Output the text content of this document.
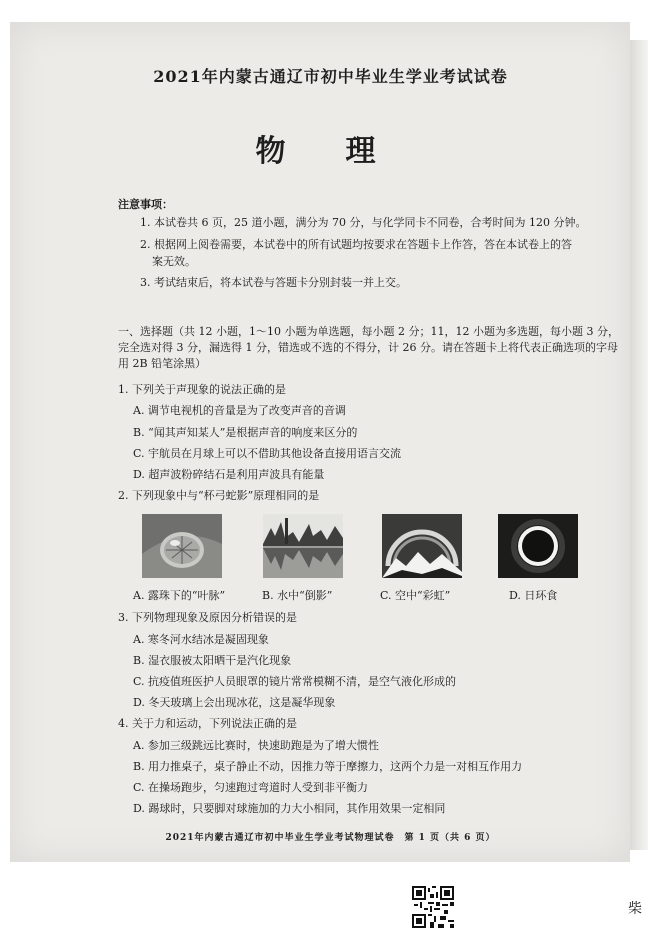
2021年内蒙古通辽市初中毕业生学业考试试卷
物理
注意事项：
1. 本试卷共 6 页，25 道小题，满分为 70 分，与化学同卡不同卷，合考时间为 120 分钟。
2. 根据网上阅卷需要，本试卷中的所有试题均按要求在答题卡上作答，答在本试卷上的答
案无效。
3. 考试结束后，将本试卷与答题卡分别封装一并上交。
一、选择题（共 12 小题，1～10 小题为单选题，每小题 2 分；11，12 小题为多选题，每小题 3 分，完全选对得 3 分，漏选得 1 分，错选或不选的不得分，计 26 分。请在答题卡上将代表正确选项的字母用 2B 铅笔涂黑）
1. 下列关于声现象的说法正确的是
A. 调节电视机的音量是为了改变声音的音调
B. “闻其声知某人”是根据声音的响度来区分的
C. 宇航员在月球上可以不借助其他设备直接用语言交流
D. 超声波粉碎结石是利用声波具有能量
2. 下列现象中与“杯弓蛇影”原理相同的是
A. 露珠下的“叶脉”	B. 水中“倒影”	C. 空中“彩虹”	D. 日环食
3. 下列物理现象及原因分析错误的是
A. 寒冬河水结冰是凝固现象
B. 湿衣服被太阳晒干是汽化现象
C. 抗疫值班医护人员眼罩的镜片常常模糊不清，是空气液化形成的
D. 冬天玻璃上会出现冰花，这是凝华现象
4. 关于力和运动，下列说法正确的是
A. 参加三级跳远比赛时，快速助跑是为了增大惯性
B. 用力推桌子，桌子静止不动，因推力等于摩擦力，这两个力是一对相互作用力
C. 在操场跑步，匀速跑过弯道时人受到非平衡力
D. 踢球时，只要脚对球施加的力大小相同，其作用效果一定相同
2021年内蒙古通辽市初中毕业生学业考试物理试卷　第 1 页（共 6 页）
柴
